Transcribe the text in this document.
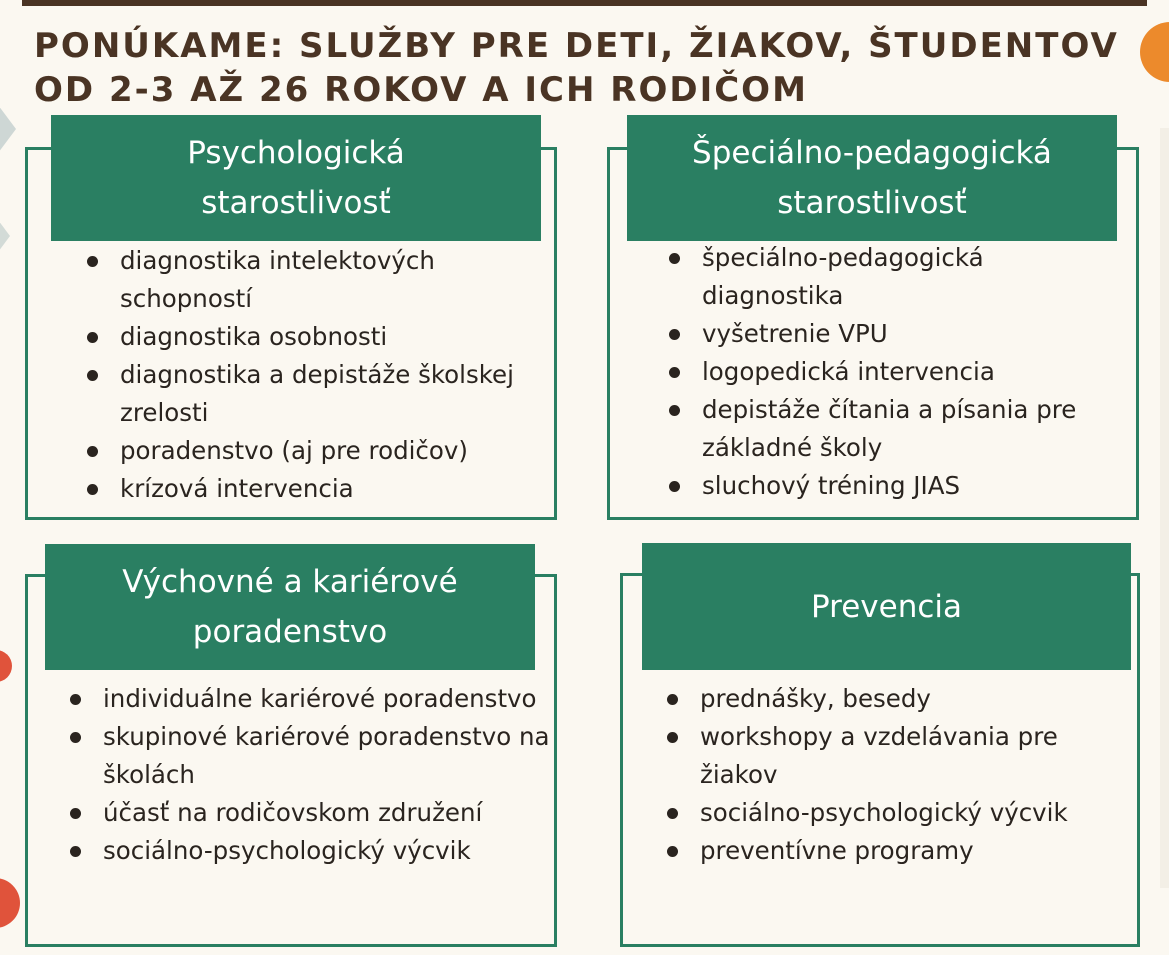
PONÚKAME: SLUŽBY PRE DETI, ŽIAKOV, ŠTUDENTOV
OD 2-3 AŽ 26 ROKOV A ICH RODIČOM
Psychologická
starostlivosť
diagnostika intelektových schopností
diagnostika osobnosti
diagnostika a depistáže školskej zrelosti
poradenstvo (aj pre rodičov)
krízová intervencia
Špeciálno-pedagogická
starostlivosť
špeciálno-pedagogická diagnostika
vyšetrenie VPU
logopedická intervencia
depistáže čítania a písania pre základné školy
sluchový tréning JIAS
Výchovné a kariérové
poradenstvo
individuálne kariérové poradenstvo
skupinové kariérové poradenstvo na školách
účasť na rodičovskom združení
sociálno-psychologický výcvik
Prevencia
prednášky, besedy
workshopy a vzdelávania pre žiakov
sociálno-psychologický výcvik
preventívne programy
